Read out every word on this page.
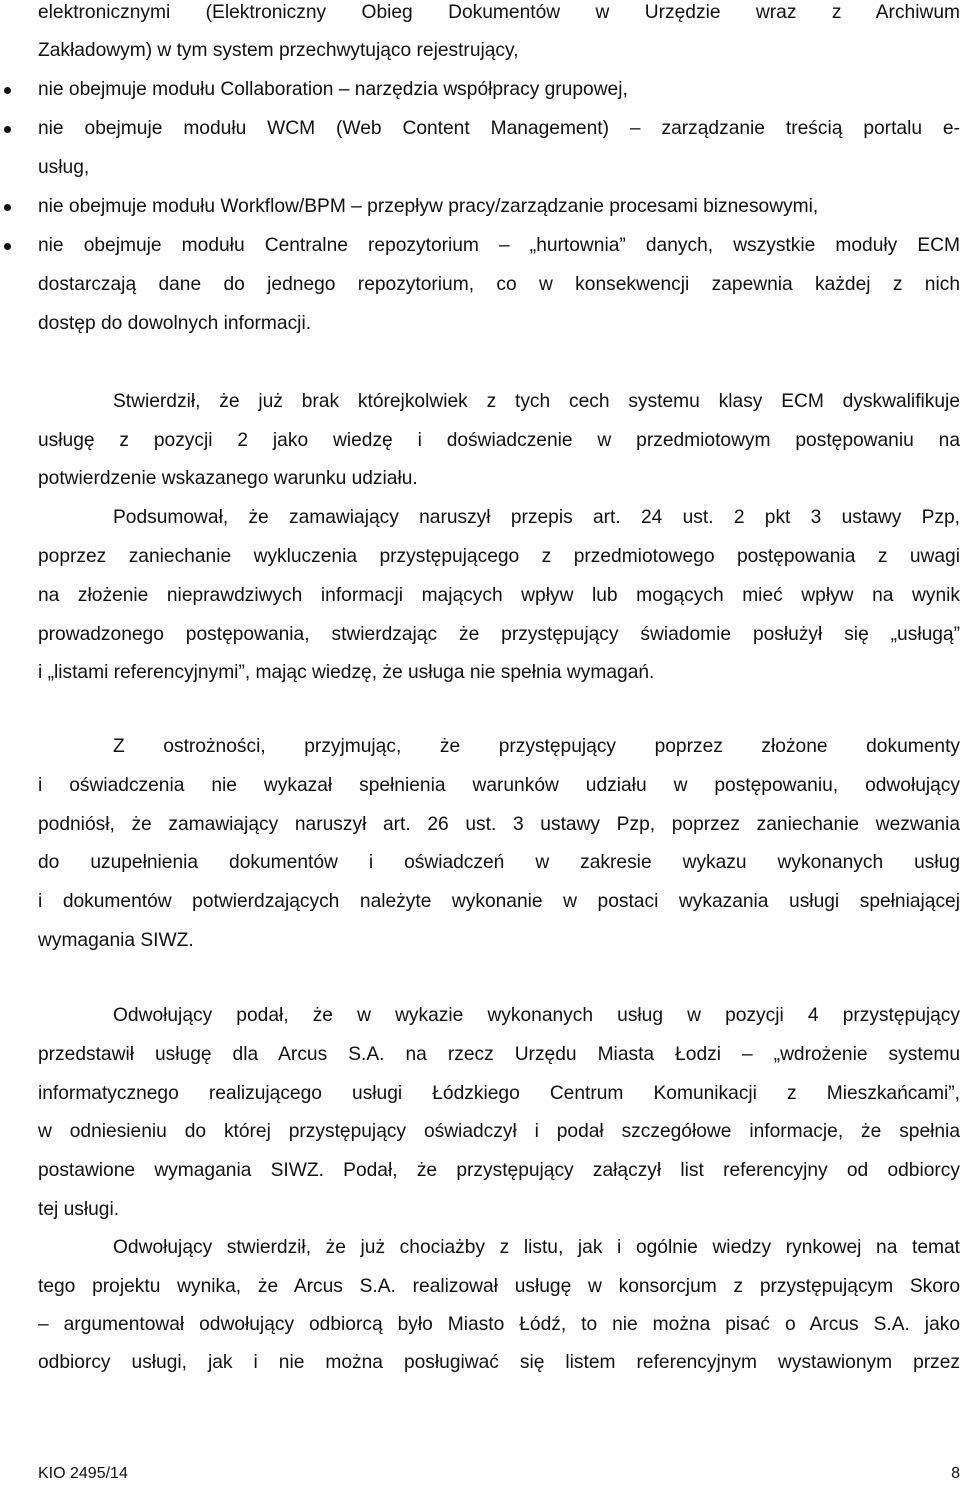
elektronicznymi (Elektroniczny Obieg Dokumentów w Urzędzie wraz z Archiwum
Zakładowym) w tym system przechwytująco rejestrujący,
nie obejmuje modułu Collaboration – narzędzia współpracy grupowej,
nie obejmuje modułu WCM (Web Content Management) – zarządzanie treścią portalu e-
usług,
nie obejmuje modułu Workflow/BPM – przepływ pracy/zarządzanie procesami biznesowymi,
nie obejmuje modułu Centralne repozytorium – „hurtownia” danych, wszystkie moduły ECM
dostarczają dane do jednego repozytorium, co w konsekwencji zapewnia każdej z nich
dostęp do dowolnych informacji.
Stwierdził, że już brak którejkolwiek z tych cech systemu klasy ECM dyskwalifikuje
usługę z pozycji 2 jako wiedzę i doświadczenie w przedmiotowym postępowaniu na
potwierdzenie wskazanego warunku udziału.
Podsumował, że zamawiający naruszył przepis art. 24 ust. 2 pkt 3 ustawy Pzp,
poprzez zaniechanie wykluczenia przystępującego z przedmiotowego postępowania z uwagi
na złożenie nieprawdziwych informacji mających wpływ lub mogących mieć wpływ na wynik
prowadzonego postępowania, stwierdzając że przystępujący świadomie posłużył się „usługą”
i „listami referencyjnymi”, mając wiedzę, że usługa nie spełnia wymagań.
Z ostrożności, przyjmując, że przystępujący poprzez złożone dokumenty
i oświadczenia nie wykazał spełnienia warunków udziału w postępowaniu, odwołujący
podniósł, że zamawiający naruszył art. 26 ust. 3 ustawy Pzp, poprzez zaniechanie wezwania
do uzupełnienia dokumentów i oświadczeń w zakresie wykazu wykonanych usług
i dokumentów potwierdzających należyte wykonanie w postaci wykazania usługi spełniającej
wymagania SIWZ.
Odwołujący podał, że w wykazie wykonanych usług w pozycji 4 przystępujący
przedstawił usługę dla Arcus S.A. na rzecz Urzędu Miasta Łodzi – „wdrożenie systemu
informatycznego realizującego usługi Łódzkiego Centrum Komunikacji z Mieszkańcami”,
w odniesieniu do której przystępujący oświadczył i podał szczegółowe informacje, że spełnia
postawione wymagania SIWZ. Podał, że przystępujący załączył list referencyjny od odbiorcy
tej usługi.
Odwołujący stwierdził, że już chociażby z listu, jak i ogólnie wiedzy rynkowej na temat
tego projektu wynika, że Arcus S.A. realizował usługę w konsorcjum z przystępującym Skoro
– argumentował odwołujący odbiorcą było Miasto Łódź, to nie można pisać o Arcus S.A. jako
odbiorcy usługi, jak i nie można posługiwać się listem referencyjnym wystawionym przez
KIO 2495/14	8
